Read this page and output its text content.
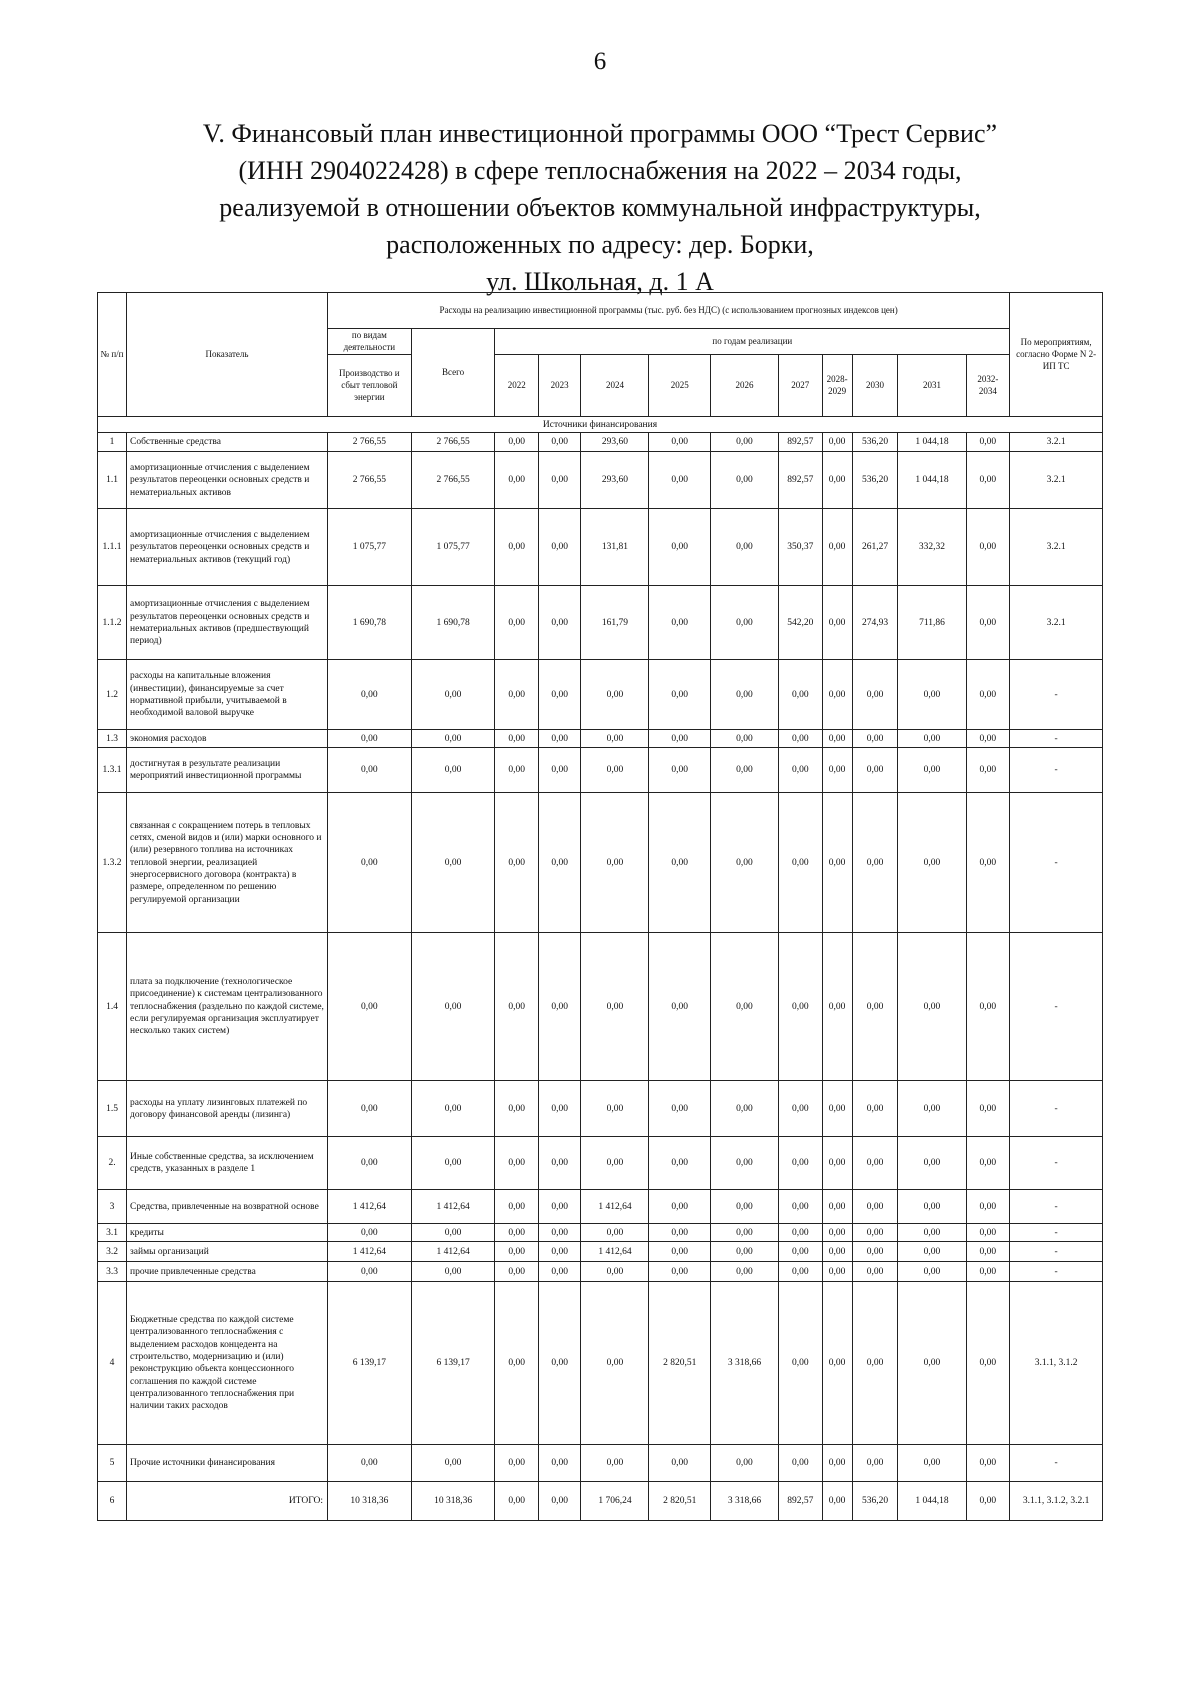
6
V. Финансовый план инвестиционной программы ООО “Трест Сервис”
(ИНН 2904022428) в сфере теплоснабжения на 2022 – 2034 годы,
реализуемой в отношении объектов коммунальной инфраструктуры,
расположенных по адресу: дер. Борки,
ул. Школьная, д. 1 А
№ п/п	Показатель	Расходы на реализацию инвестиционной программы (тыс. руб. без НДС) (с использованием прогнозных индексов цен)												По мероприятиям, согласно Форме N 2-ИП ТС
		по видам деятельности	Всего	по годам реализации										
		Производство и сбыт тепловой энергии		2022	2023	2024	2025	2026	2027	2028-2029	2030	2031	2032-2034	

Источники финансирования														
1	Собственные средства	2 766,55	2 766,55	0,00	0,00	293,60	0,00	0,00	892,57	0,00	536,20	1 044,18	0,00	3.2.1
1.1	амортизационные отчисления с выделением результатов переоценки основных средств и нематериальных активов	2 766,55	2 766,55	0,00	0,00	293,60	0,00	0,00	892,57	0,00	536,20	1 044,18	0,00	3.2.1
1.1.1	амортизационные отчисления с выделением результатов переоценки основных средств и нематериальных активов (текущий год)	1 075,77	1 075,77	0,00	0,00	131,81	0,00	0,00	350,37	0,00	261,27	332,32	0,00	3.2.1
1.1.2	амортизационные отчисления с выделением результатов переоценки основных средств и нематериальных активов (предшествующий период)	1 690,78	1 690,78	0,00	0,00	161,79	0,00	0,00	542,20	0,00	274,93	711,86	0,00	3.2.1
1.2	расходы на капитальные вложения (инвестиции), финансируемые за счет нормативной прибыли, учитываемой в необходимой валовой выручке	0,00	0,00	0,00	0,00	0,00	0,00	0,00	0,00	0,00	0,00	0,00	0,00	-
1.3	экономия расходов	0,00	0,00	0,00	0,00	0,00	0,00	0,00	0,00	0,00	0,00	0,00	0,00	-
1.3.1	достигнутая в результате реализации мероприятий инвестиционной программы	0,00	0,00	0,00	0,00	0,00	0,00	0,00	0,00	0,00	0,00	0,00	0,00	-
1.3.2	связанная с сокращением потерь в тепловых сетях, сменой видов и (или) марки основного и (или) резервного топлива на источниках тепловой энергии, реализацией энергосервисного договора (контракта) в размере, определенном по решению регулируемой организации	0,00	0,00	0,00	0,00	0,00	0,00	0,00	0,00	0,00	0,00	0,00	0,00	-
1.4	плата за подключение (технологическое присоединение) к системам централизованного теплоснабжения (раздельно по каждой системе, если регулируемая организация эксплуатирует несколько таких систем)	0,00	0,00	0,00	0,00	0,00	0,00	0,00	0,00	0,00	0,00	0,00	0,00	-
1.5	расходы на уплату лизинговых платежей по договору финансовой аренды (лизинга)	0,00	0,00	0,00	0,00	0,00	0,00	0,00	0,00	0,00	0,00	0,00	0,00	-
2.	Иные собственные средства, за исключением средств, указанных в разделе 1	0,00	0,00	0,00	0,00	0,00	0,00	0,00	0,00	0,00	0,00	0,00	0,00	-
3	Средства, привлеченные на возвратной основе	1 412,64	1 412,64	0,00	0,00	1 412,64	0,00	0,00	0,00	0,00	0,00	0,00	0,00	-
3.1	кредиты	0,00	0,00	0,00	0,00	0,00	0,00	0,00	0,00	0,00	0,00	0,00	0,00	-
3.2	займы организаций	1 412,64	1 412,64	0,00	0,00	1 412,64	0,00	0,00	0,00	0,00	0,00	0,00	0,00	-
3.3	прочие привлеченные средства	0,00	0,00	0,00	0,00	0,00	0,00	0,00	0,00	0,00	0,00	0,00	0,00	-
4	Бюджетные средства по каждой системе централизованного теплоснабжения с выделением расходов концедента на строительство, модернизацию и (или) реконструкцию объекта концессионного соглашения по каждой системе централизованного теплоснабжения при наличии таких расходов	6 139,17	6 139,17	0,00	0,00	0,00	2 820,51	3 318,66	0,00	0,00	0,00	0,00	0,00	3.1.1, 3.1.2
5	Прочие источники финансирования	0,00	0,00	0,00	0,00	0,00	0,00	0,00	0,00	0,00	0,00	0,00	0,00	-
6	ИТОГО:	10 318,36	10 318,36	0,00	0,00	1 706,24	2 820,51	3 318,66	892,57	0,00	536,20	1 044,18	0,00	3.1.1, 3.1.2, 3.2.1
